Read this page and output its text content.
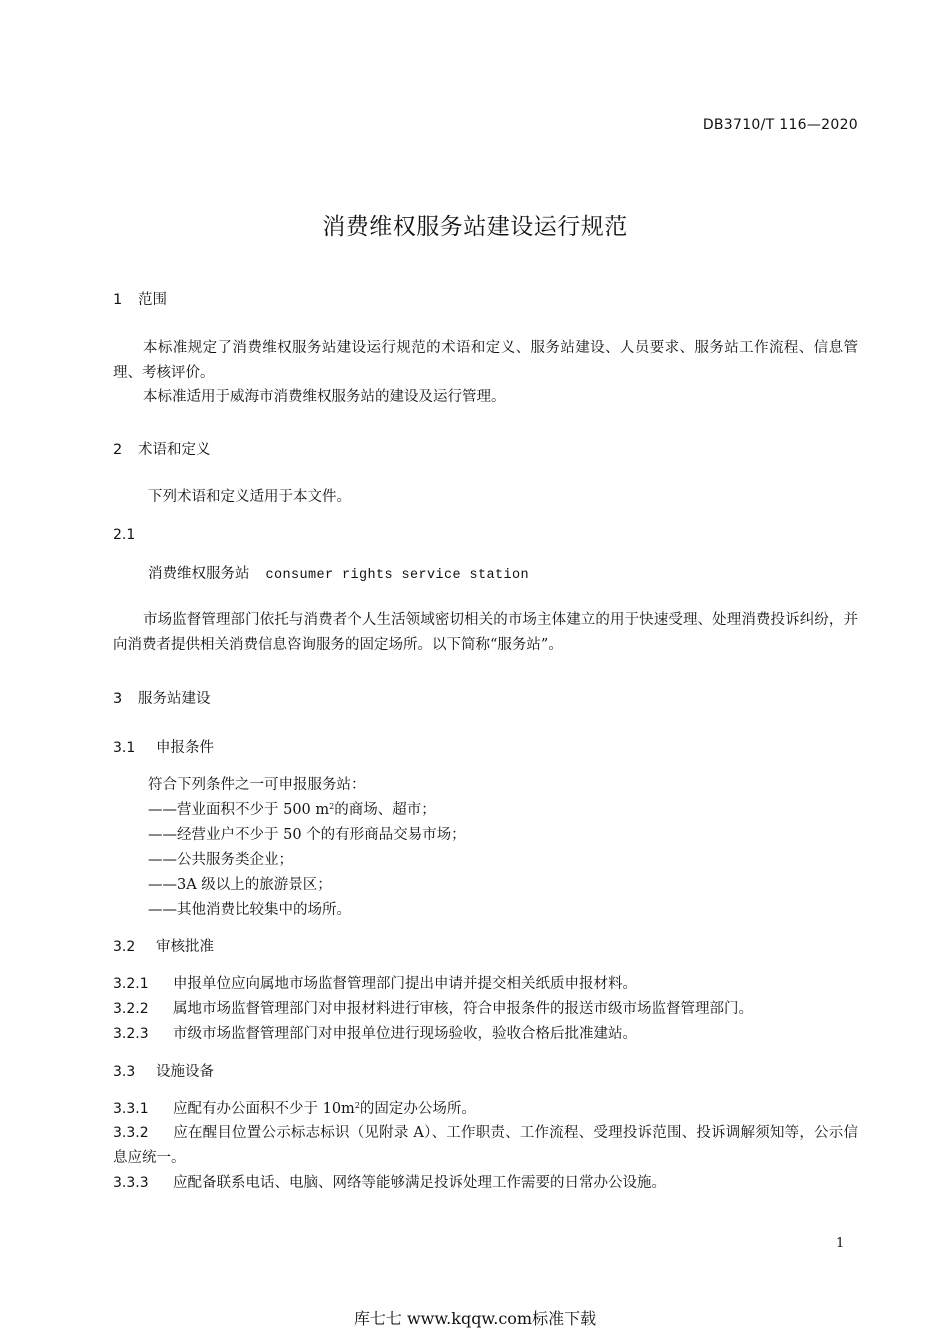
DB3710/T 116—2020
消费维权服务站建设运行规范
1 范围
本标准规定了消费维权服务站建设运行规范的术语和定义、服务站建设、人员要求、服务站工作流程、信息管理、考核评价。
本标准适用于威海市消费维权服务站的建设及运行管理。
2 术语和定义
下列术语和定义适用于本文件。
2.1
消费维权服务站 consumer rights service station
市场监督管理部门依托与消费者个人生活领域密切相关的市场主体建立的用于快速受理、处理消费投诉纠纷，并向消费者提供相关消费信息咨询服务的固定场所。以下简称“服务站”。
3 服务站建设
3.1 申报条件
符合下列条件之一可申报服务站：
——营业面积不少于 500 $m^2$的商场、超市；
——经营业户不少于 50 个的有形商品交易市场；
——公共服务类企业；
——3A 级以上的旅游景区；
——其他消费比较集中的场所。
3.2 审核批准
3.2.1 申报单位应向属地市场监督管理部门提出申请并提交相关纸质申报材料。
3.2.2 属地市场监督管理部门对申报材料进行审核，符合申报条件的报送市级市场监督管理部门。
3.2.3 市级市场监督管理部门对申报单位进行现场验收，验收合格后批准建站。
3.3 设施设备
3.3.1 应配有办公面积不少于 $10m^2$的固定办公场所。
3.3.2 应在醒目位置公示标志标识（见附录 A）、工作职责、工作流程、受理投诉范围、投诉调解须知等，公示信息应统一。
3.3.3 应配备联系电话、电脑、网络等能够满足投诉处理工作需要的日常办公设施。
1
库七七 www.kqqw.com标准下载
